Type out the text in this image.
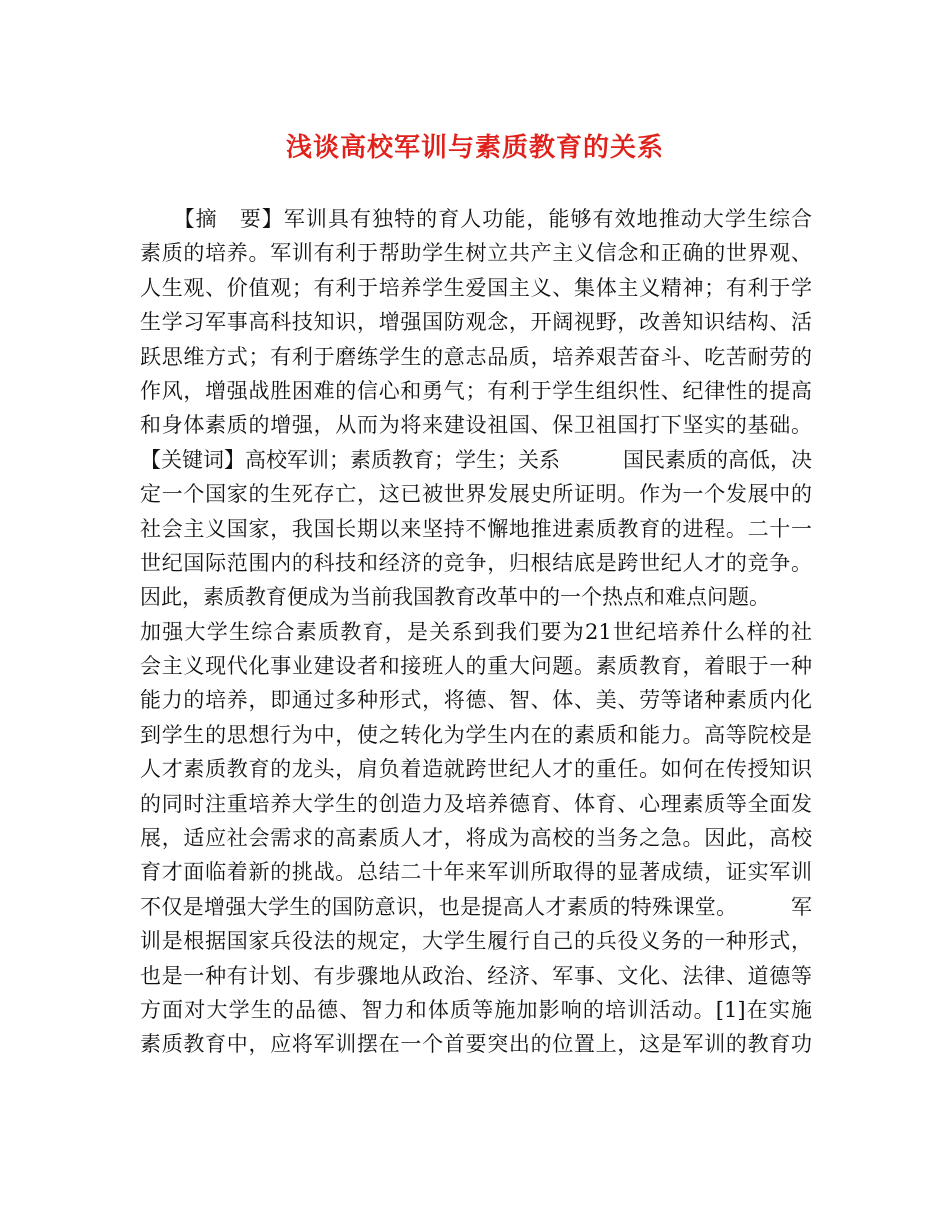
浅谈高校军训与素质教育的关系
　　【摘　要】军训具有独特的育人功能，能够有效地推动大学生综合
素质的培养。军训有利于帮助学生树立共产主义信念和正确的世界观、
人生观、价值观；有利于培养学生爱国主义、集体主义精神；有利于学
生学习军事高科技知识，增强国防观念，开阔视野，改善知识结构、活
跃思维方式；有利于磨练学生的意志品质，培养艰苦奋斗、吃苦耐劳的
作风，增强战胜困难的信心和勇气；有利于学生组织性、纪律性的提高
和身体素质的增强，从而为将来建设祖国、保卫祖国打下坚实的基础。
【关键词】高校军训；素质教育；学生；关系　　　国民素质的高低，决
定一个国家的生死存亡，这已被世界发展史所证明。作为一个发展中的
社会主义国家，我国长期以来坚持不懈地推进素质教育的进程。二十一
世纪国际范围内的科技和经济的竞争，归根结底是跨世纪人才的竞争。
因此，素质教育便成为当前我国教育改革中的一个热点和难点问题。
加强大学生综合素质教育，是关系到我们要为21世纪培养什么样的社
会主义现代化事业建设者和接班人的重大问题。素质教育，着眼于一种
能力的培养，即通过多种形式，将德、智、体、美、劳等诸种素质内化
到学生的思想行为中，使之转化为学生内在的素质和能力。高等院校是
人才素质教育的龙头，肩负着造就跨世纪人才的重任。如何在传授知识
的同时注重培养大学生的创造力及培养德育、体育、心理素质等全面发
展，适应社会需求的高素质人才，将成为高校的当务之急。因此，高校
育才面临着新的挑战。总结二十年来军训所取得的显著成绩，证实军训
不仅是增强大学生的国防意识，也是提高人才素质的特殊课堂。　　　军
训是根据国家兵役法的规定，大学生履行自己的兵役义务的一种形式，
也是一种有计划、有步骤地从政治、经济、军事、文化、法律、道德等
方面对大学生的品德、智力和体质等施加影响的培训活动。[1]在实施
素质教育中，应将军训摆在一个首要突出的位置上，这是军训的教育功
